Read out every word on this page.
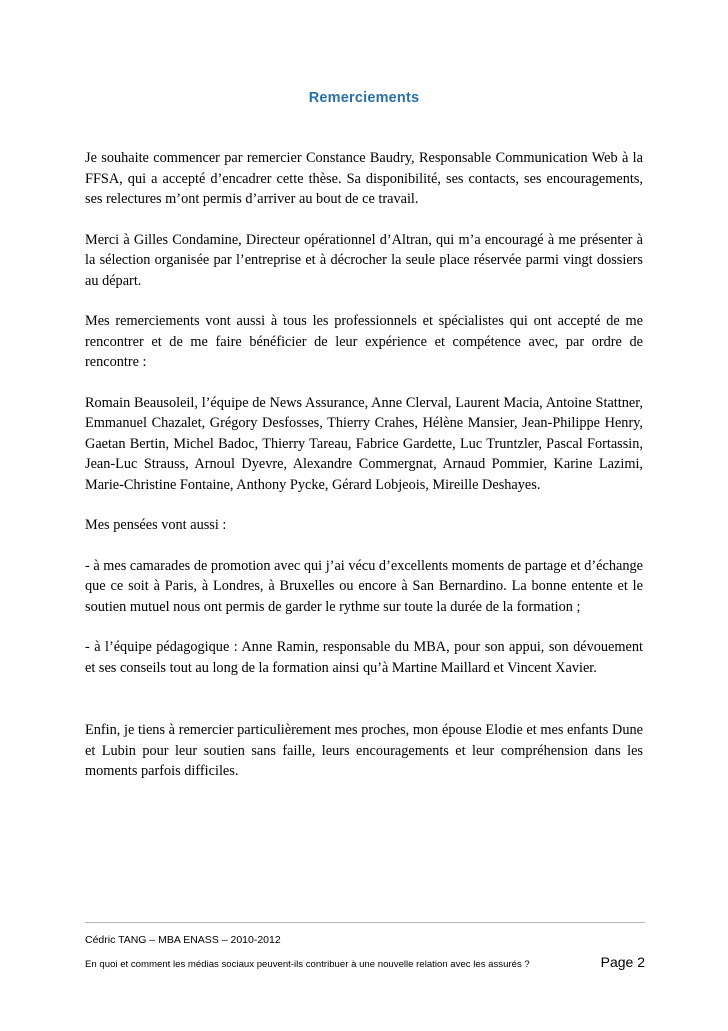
Remerciements

Je souhaite commencer par remercier Constance Baudry, Responsable Communication Web à la FFSA, qui a accepté d’encadrer cette thèse. Sa disponibilité, ses contacts, ses encouragements, ses relectures m’ont permis d’arriver au bout de ce travail.

Merci à Gilles Condamine, Directeur opérationnel d’Altran, qui m’a encouragé à me présenter à la sélection organisée par l’entreprise et à décrocher la seule place réservée parmi vingt dossiers au départ.

Mes remerciements vont aussi à tous les professionnels et spécialistes qui ont accepté de me rencontrer et de me faire bénéficier de leur expérience et compétence avec, par ordre de rencontre :

Romain Beausoleil, l’équipe de News Assurance, Anne Clerval, Laurent Macia, Antoine Stattner, Emmanuel Chazalet, Grégory Desfosses, Thierry Crahes, Hélène Mansier, Jean-Philippe Henry, Gaetan Bertin, Michel Badoc, Thierry Tareau, Fabrice Gardette, Luc Truntzler, Pascal Fortassin, Jean-Luc Strauss, Arnoul Dyevre, Alexandre Commergnat, Arnaud Pommier, Karine Lazimi, Marie-Christine Fontaine, Anthony Pycke, Gérard Lobjeois, Mireille Deshayes.

Mes pensées vont aussi :

- à mes camarades de promotion avec qui j’ai vécu d’excellents moments de partage et d’échange que ce soit à Paris, à Londres, à Bruxelles ou encore à San Bernardino. La bonne entente et le soutien mutuel nous ont permis de garder le rythme sur toute la durée de la formation ;

- à l’équipe pédagogique : Anne Ramin, responsable du MBA, pour son appui, son dévouement et ses conseils tout au long de la formation ainsi qu’à Martine Maillard et Vincent Xavier.

Enfin, je tiens à remercier particulièrement mes proches, mon épouse Elodie et mes enfants Dune et Lubin pour leur soutien sans faille, leurs encouragements et leur compréhension dans les moments parfois difficiles.

Cédric TANG – MBA ENASS – 2010-2012

En quoi et comment les médias sociaux peuvent-ils contribuer à une nouvelle relation avec les assurés ?	Page 2
